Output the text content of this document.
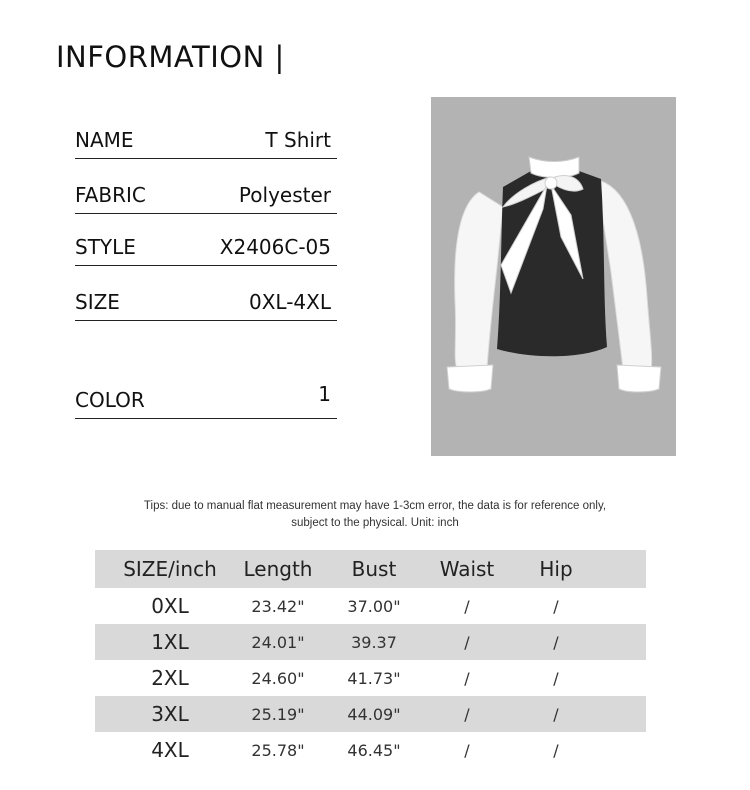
INFORMATION |
NAME	T Shirt
FABRIC	Polyester
STYLE	X2406C-05
SIZE	0XL-4XL
COLOR	1
Tips: due to manual flat measurement may have 1-3cm error, the data is for reference only,
subject to the physical. Unit: inch
SIZE/inch	Length	Bust	Waist	Hip
0XL	23.42"	37.00"	/	/
1XL	24.01"	39.37	/	/
2XL	24.60"	41.73"	/	/
3XL	25.19"	44.09"	/	/
4XL	25.78"	46.45"	/	/
